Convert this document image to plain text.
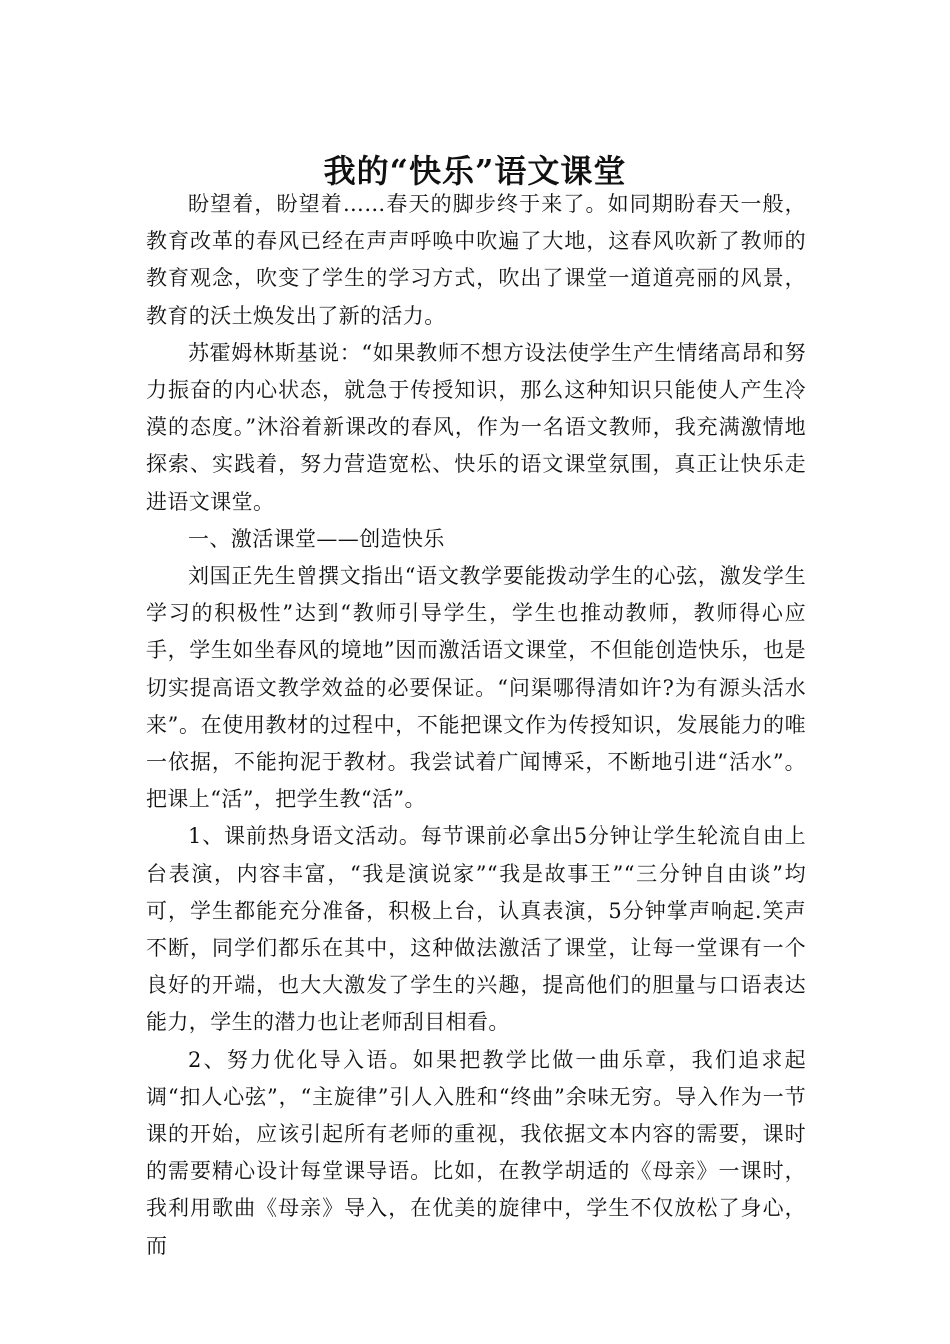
我的“快乐”语文课堂

盼望着，盼望着……春天的脚步终于来了。如同期盼春天一般，教育改革的春风已经在声声呼唤中吹遍了大地，这春风吹新了教师的教育观念，吹变了学生的学习方式，吹出了课堂一道道亮丽的风景，教育的沃土焕发出了新的活力。

苏霍姆林斯基说：“如果教师不想方设法使学生产生情绪高昂和努力振奋的内心状态，就急于传授知识，那么这种知识只能使人产生冷漠的态度。”沐浴着新课改的春风，作为一名语文教师，我充满激情地探索、实践着，努力营造宽松、快乐的语文课堂氛围，真正让快乐走进语文课堂。

一、激活课堂——创造快乐

刘国正先生曾撰文指出“语文教学要能拨动学生的心弦，激发学生学习的积极性”达到“教师引导学生，学生也推动教师，教师得心应手，学生如坐春风的境地”因而激活语文课堂，不但能创造快乐，也是切实提高语文教学效益的必要保证。“问渠哪得清如许?为有源头活水来”。在使用教材的过程中，不能把课文作为传授知识，发展能力的唯一依据，不能拘泥于教材。我尝试着广闻博采，不断地引进“活水”。把课上“活”，把学生教“活”。

1、课前热身语文活动。每节课前必拿出5分钟让学生轮流自由上台表演，内容丰富，“我是演说家”“我是故事王”“三分钟自由谈”均可，学生都能充分准备，积极上台，认真表演，5分钟掌声响起.笑声不断，同学们都乐在其中，这种做法激活了课堂，让每一堂课有一个良好的开端，也大大激发了学生的兴趣，提高他们的胆量与口语表达能力，学生的潜力也让老师刮目相看。

2、努力优化导入语。如果把教学比做一曲乐章，我们追求起调“扣人心弦”，“主旋律”引人入胜和“终曲”余味无穷。导入作为一节课的开始，应该引起所有老师的重视，我依据文本内容的需要，课时的需要精心设计每堂课导语。比如，在教学胡适的《母亲》一课时，我利用歌曲《母亲》导入，在优美的旋律中，学生不仅放松了身心，而
